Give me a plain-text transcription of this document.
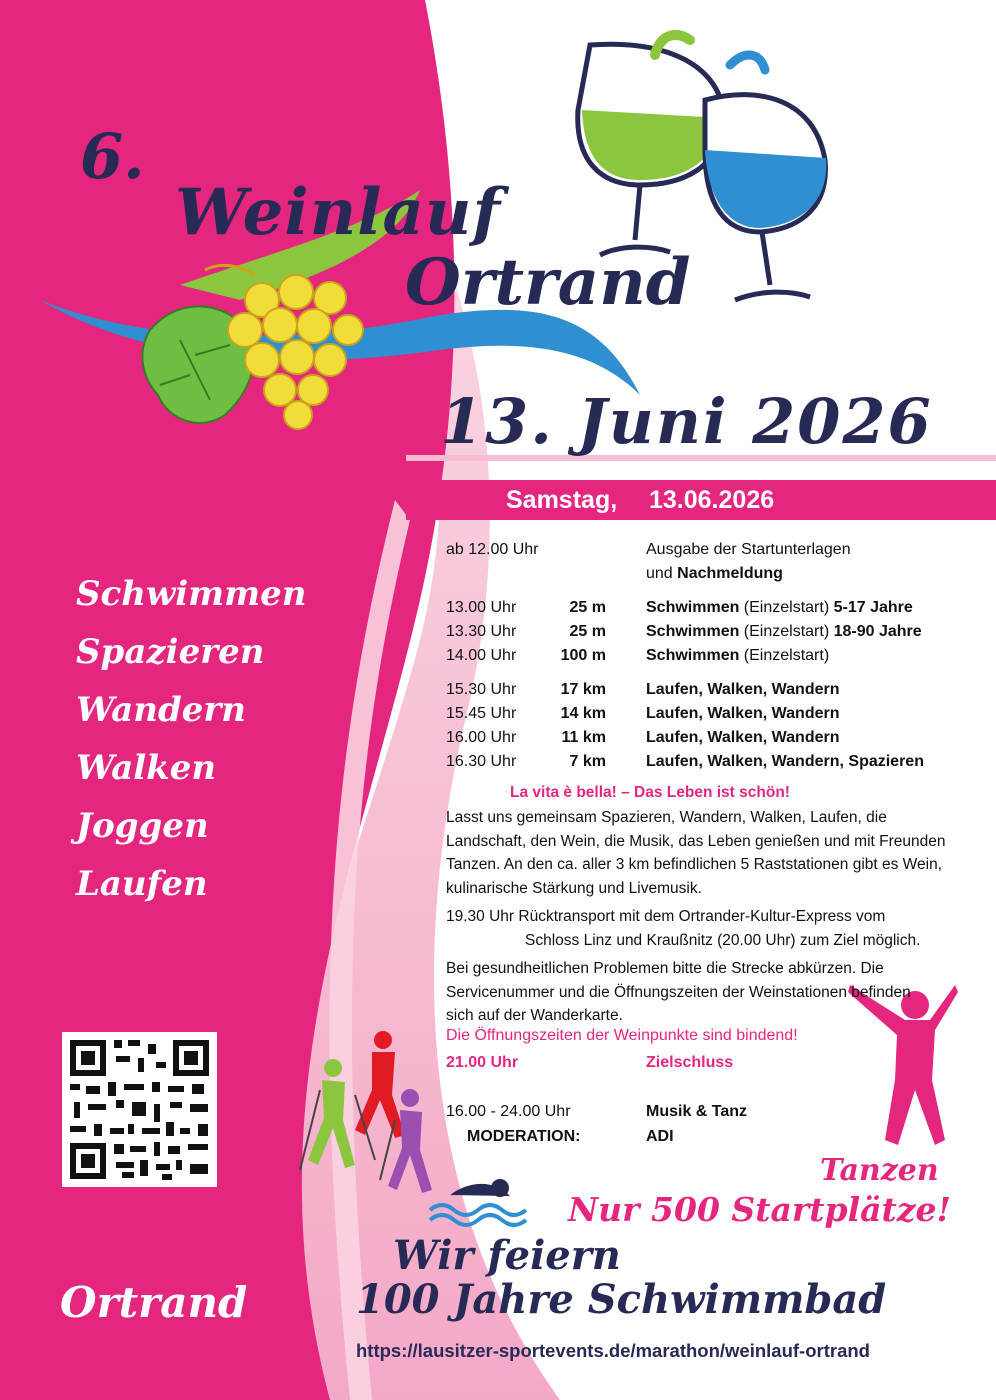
6.
Weinlauf
Ortrand
13. Juni 2026
Samstag, 13.06.2026
Schwimmen
Spazieren
Wandern
Walken
Joggen
Laufen
ab 12.00 Uhr	Ausgabe der Startunterlagen
und Nachmeldung
13.00 Uhr	25 m	Schwimmen (Einzelstart) 5-17 Jahre
13.30 Uhr	25 m	Schwimmen (Einzelstart) 18-90 Jahre
14.00 Uhr	100 m	Schwimmen (Einzelstart)
15.30 Uhr	17 km	Laufen, Walken, Wandern
15.45 Uhr	14 km	Laufen, Walken, Wandern
16.00 Uhr	11 km	Laufen, Walken, Wandern
16.30 Uhr	7 km	Laufen, Walken, Wandern, Spazieren
La vita è bella! – Das Leben ist schön!
Lasst uns gemeinsam Spazieren, Wandern, Walken, Laufen, die Landschaft, den Wein, die Musik, das Leben genießen und mit Freunden Tanzen. An den ca. aller 3 km befindlichen 5 Raststationen gibt es Wein, kulinarische Stärkung und Livemusik.
19.30 Uhr Rücktransport mit dem Ortrander-Kultur-Express vom
Schloss Linz und Kraußnitz (20.00 Uhr) zum Ziel möglich.
Bei gesundheitlichen Problemen bitte die Strecke abkürzen. Die Servicenummer und die Öffnungszeiten der Weinstationen befinden sich auf der Wanderkarte.
Die Öffnungszeiten der Weinpunkte sind bindend!
21.00 Uhr	Zielschluss
16.00 - 24.00 Uhr	Musik & Tanz
MODERATION:	ADI
Tanzen
Nur 500 Startplätze!
Wir feiern
100 Jahre Schwimmbad
Ortrand
https://lausitzer-sportevents.de/marathon/weinlauf-ortrand
